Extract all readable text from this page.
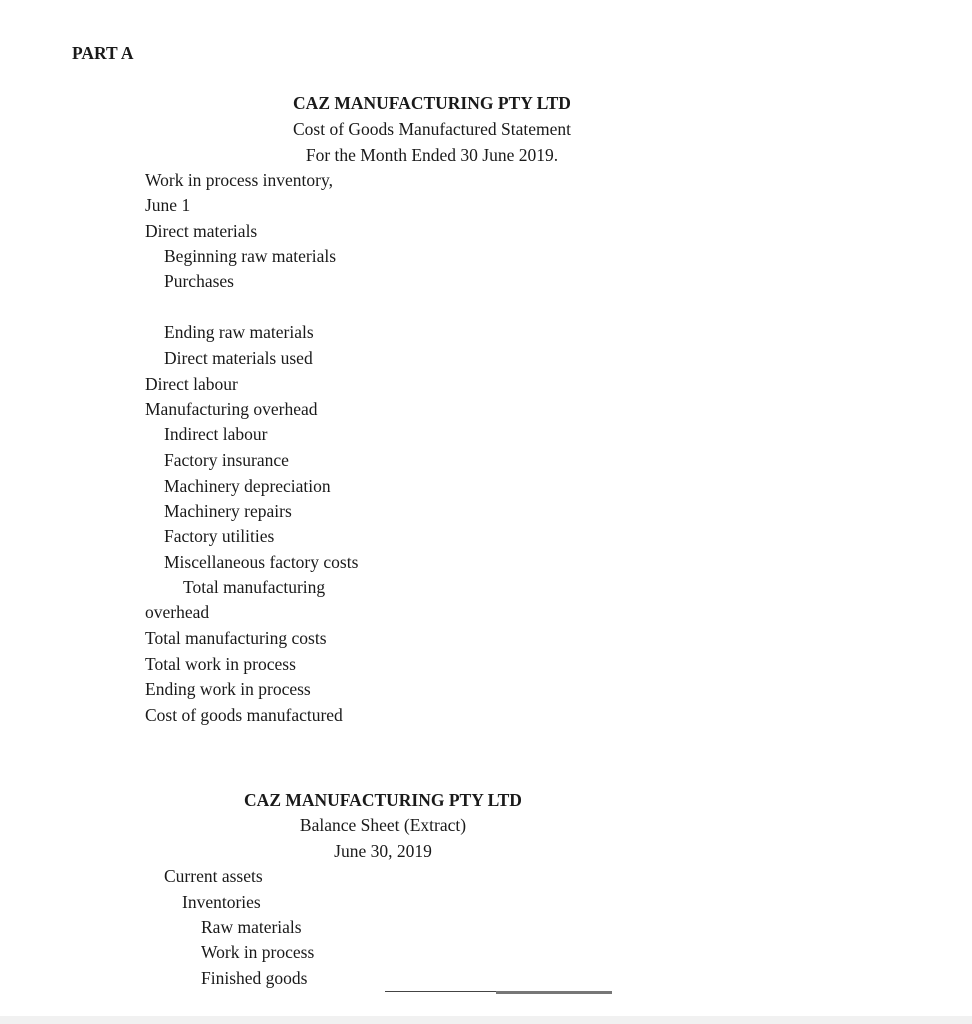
PART A
CAZ MANUFACTURING PTY LTD
Cost of Goods Manufactured Statement
For the Month Ended 30 June 2019.
Work in process inventory,
June 1
Direct materials
Beginning raw materials
Purchases
Ending raw materials
Direct materials used
Direct labour
Manufacturing overhead
Indirect labour
Factory insurance
Machinery depreciation
Machinery repairs
Factory utilities
Miscellaneous factory costs
Total manufacturing
overhead
Total manufacturing costs
Total work in process
Ending work in process
Cost of goods manufactured
CAZ MANUFACTURING PTY LTD
Balance Sheet (Extract)
June 30, 2019
Current assets
Inventories
Raw materials
Work in process
Finished goods
